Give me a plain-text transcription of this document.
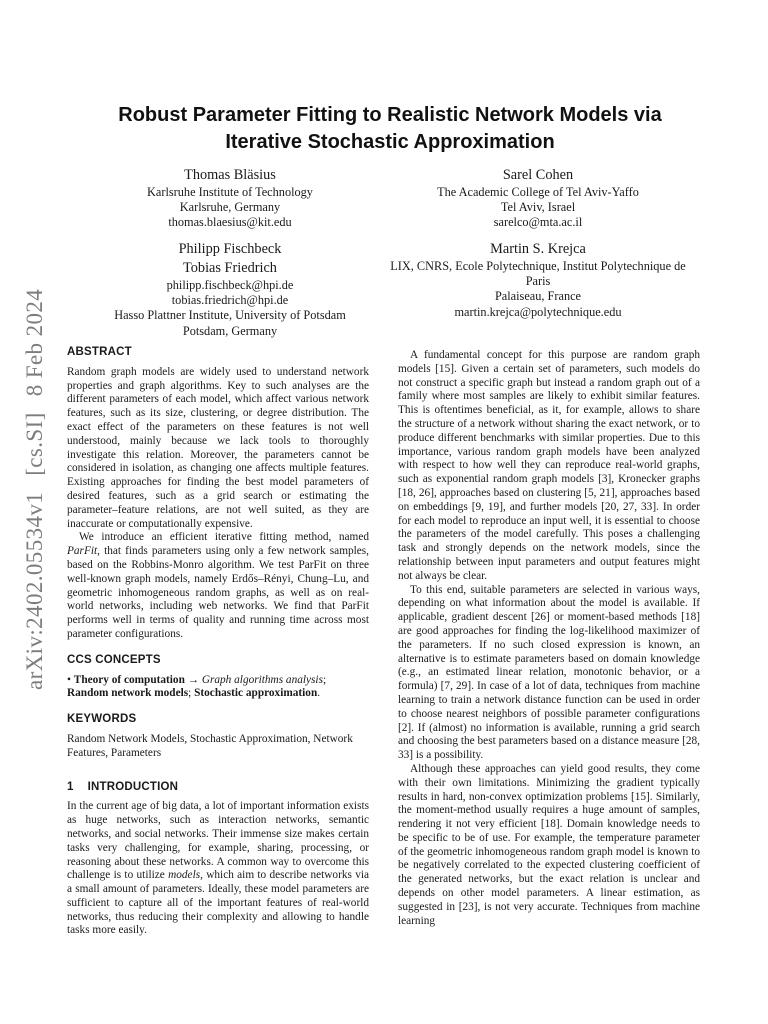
arXiv:2402.05534v1
[cs.SI]
8 Feb 2024
Robust Parameter Fitting to Realistic Network Models via
Iterative Stochastic Approximation
Thomas Bläsius
Karlsruhe Institute of Technology
Karlsruhe, Germany
thomas.blaesius@kit.edu
Sarel Cohen
The Academic College of Tel Aviv-Yaffo
Tel Aviv, Israel
sarelco@mta.ac.il
Philipp Fischbeck
Tobias Friedrich
philipp.fischbeck@hpi.de
tobias.friedrich@hpi.de
Hasso Plattner Institute, University of Potsdam
Potsdam, Germany
Martin S. Krejca
LIX, CNRS, Ecole Polytechnique, Institut Polytechnique de
Paris
Palaiseau, France
martin.krejca@polytechnique.edu
ABSTRACT

Random graph models are widely used to understand network properties and graph algorithms. Key to such analyses are the different parameters of each model, which affect various network features, such as its size, clustering, or degree distribution. The exact effect of the parameters on these features is not well understood, mainly because we lack tools to thoroughly investigate this relation. Moreover, the parameters cannot be considered in isolation, as changing one affects multiple features. Existing approaches for finding the best model parameters of desired features, such as a grid search or estimating the parameter–feature relations, are not well suited, as they are inaccurate or computationally expensive.

We introduce an efficient iterative fitting method, named ParFit, that finds parameters using only a few network samples, based on the Robbins-Monro algorithm. We test ParFit on three well-known graph models, namely Erdős–Rényi, Chung–Lu, and geometric inhomogeneous random graphs, as well as on real-world networks, including web networks. We find that ParFit performs well in terms of quality and running time across most parameter configurations.

CCS CONCEPTS

• Theory of computation → Graph algorithms analysis; Random network models; Stochastic approximation.

KEYWORDS

Random Network Models, Stochastic Approximation, Network Features, Parameters

1 INTRODUCTION

In the current age of big data, a lot of important information exists as huge networks, such as interaction networks, semantic networks, and social networks. Their immense size makes certain tasks very challenging, for example, sharing, processing, or reasoning about these networks. A common way to overcome this challenge is to utilize models, which aim to describe networks via a small amount of parameters. Ideally, these model parameters are sufficient to capture all of the important features of real-world networks, thus reducing their complexity and allowing to handle tasks more easily.

A fundamental concept for this purpose are random graph models [15]. Given a certain set of parameters, such models do not construct a specific graph but instead a random graph out of a family where most samples are likely to exhibit similar features. This is oftentimes beneficial, as it, for example, allows to share the structure of a network without sharing the exact network, or to produce different benchmarks with similar properties. Due to this importance, various random graph models have been analyzed with respect to how well they can reproduce real-world graphs, such as exponential random graph models [3], Kronecker graphs [18, 26], approaches based on clustering [5, 21], approaches based on embeddings [9, 19], and further models [20, 27, 33]. In order for each model to reproduce an input well, it is essential to choose the parameters of the model carefully. This poses a challenging task and strongly depends on the network models, since the relationship between input parameters and output features might not always be clear.

To this end, suitable parameters are selected in various ways, depending on what information about the model is available. If applicable, gradient descent [26] or moment-based methods [18] are good approaches for finding the log-likelihood maximizer of the parameters. If no such closed expression is known, an alternative is to estimate parameters based on domain knowledge (e.g., an estimated linear relation, monotonic behavior, or a formula) [7, 29]. In case of a lot of data, techniques from machine learning to train a network distance function can be used in order to choose nearest neighbors of possible parameter configurations [2]. If (almost) no information is available, running a grid search and choosing the best parameters based on a distance measure [28, 33] is a possibility.

Although these approaches can yield good results, they come with their own limitations. Minimizing the gradient typically results in hard, non-convex optimization problems [15]. Similarly, the moment-method usually requires a huge amount of samples, rendering it not very efficient [18]. Domain knowledge needs to be specific to be of use. For example, the temperature parameter of the geometric inhomogeneous random graph model is known to be negatively correlated to the expected clustering coefficient of the generated networks, but the exact relation is unclear and depends on other model parameters. A linear estimation, as suggested in [23], is not very accurate. Techniques from machine learning
